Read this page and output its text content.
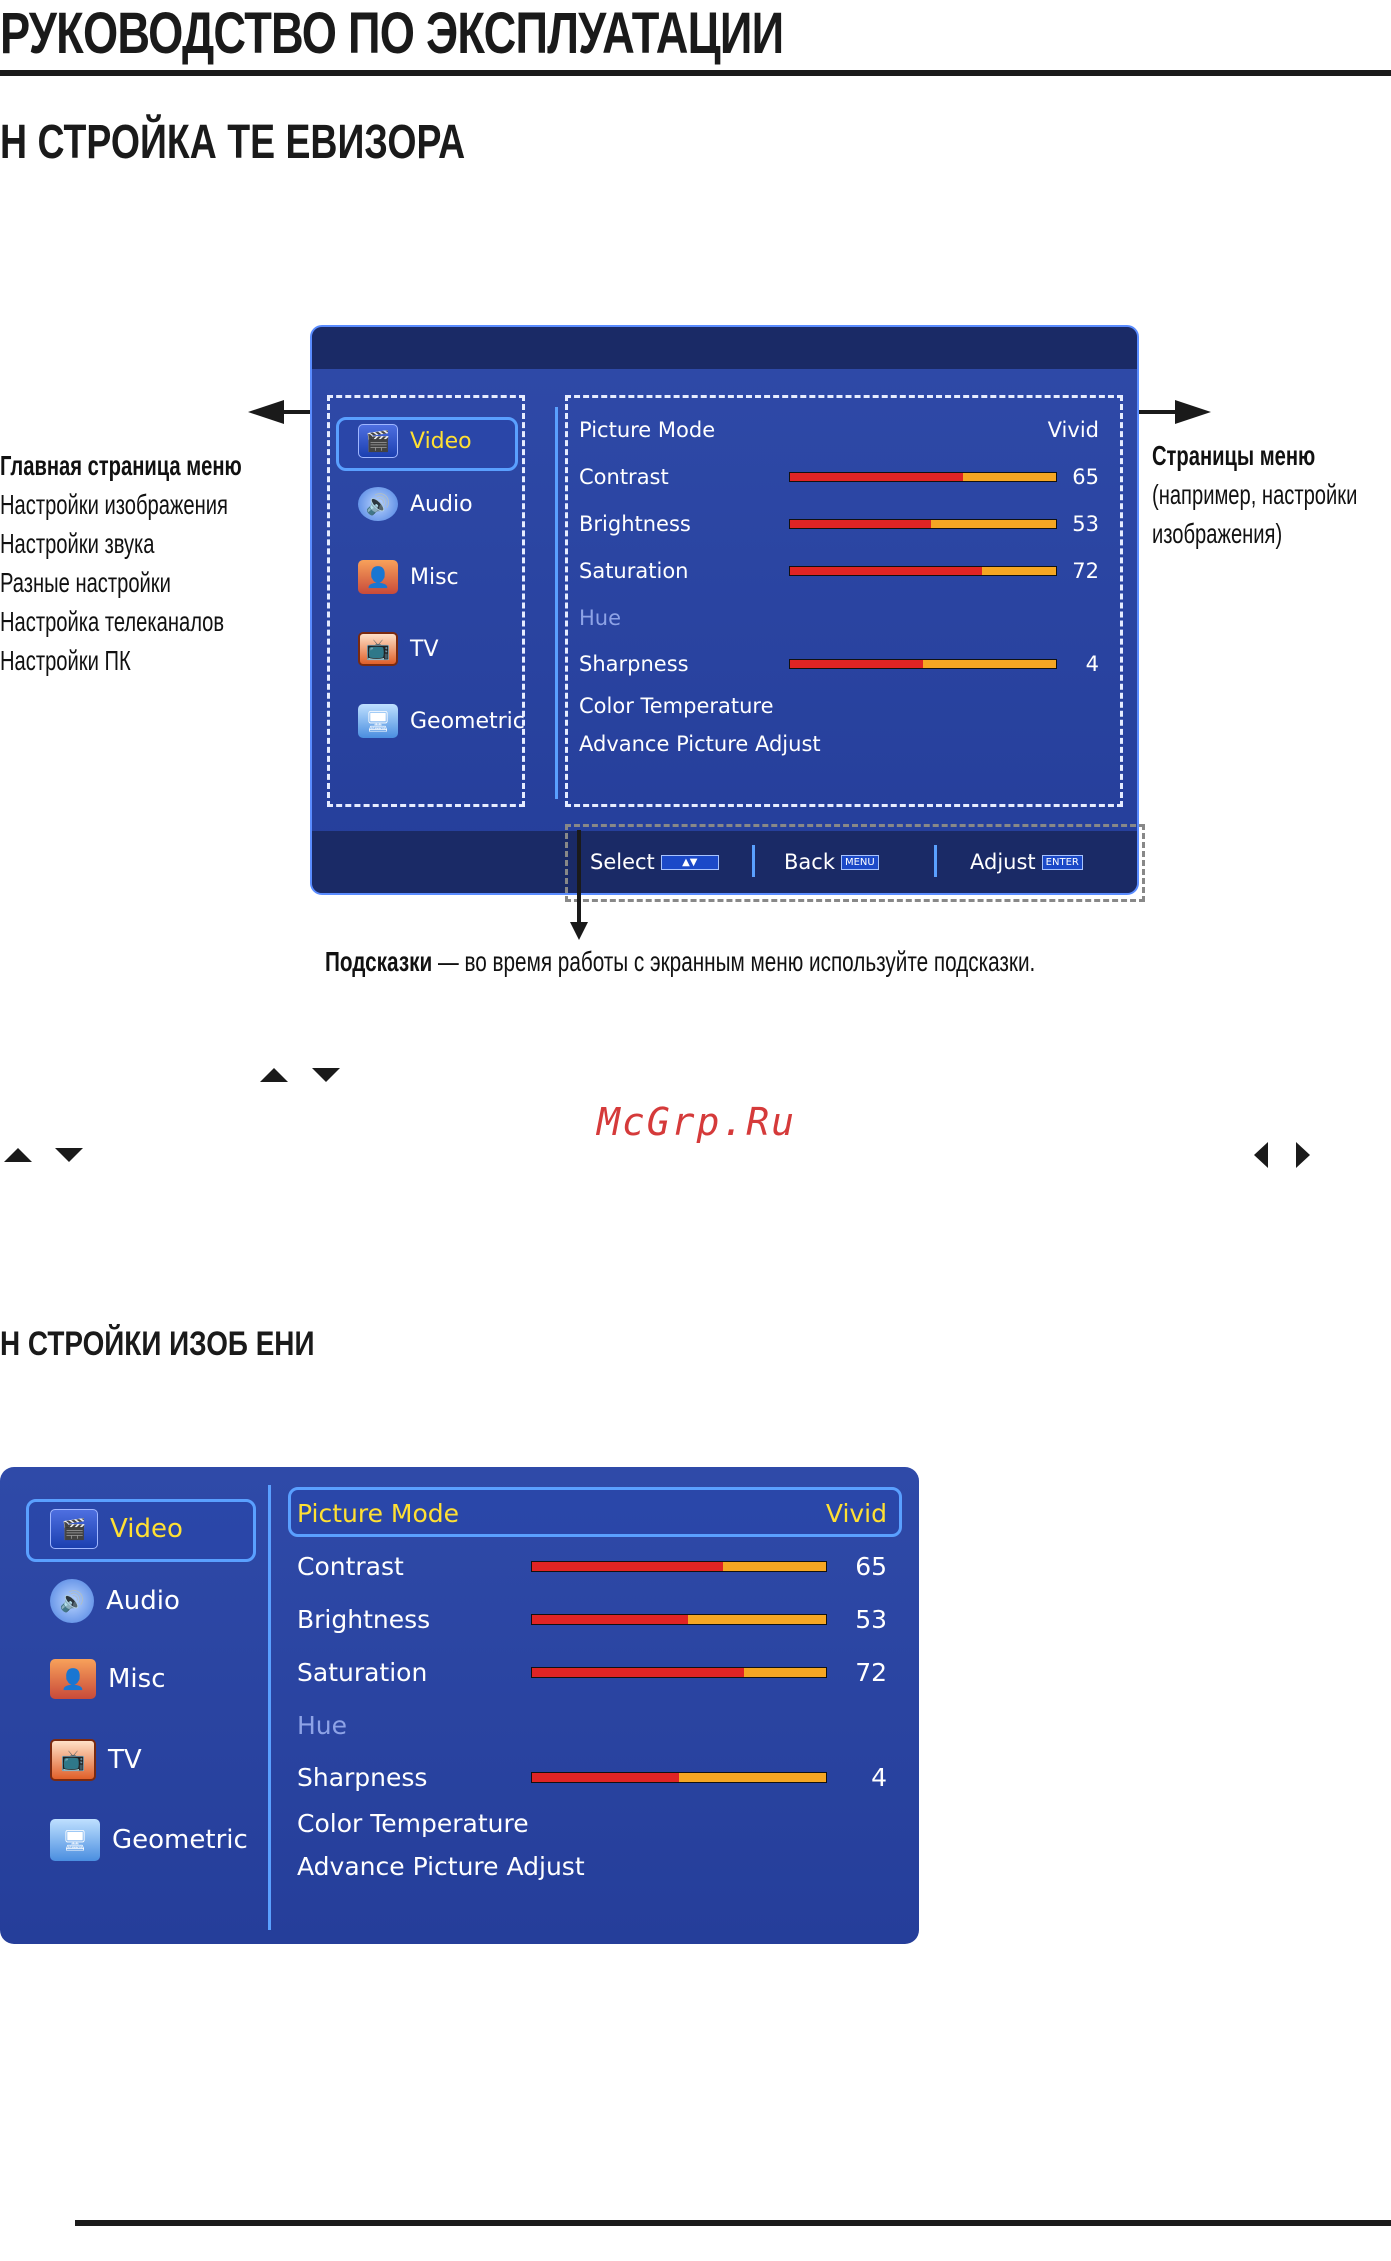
РУКОВОДСТВО ПО ЭКСПЛУАТАЦИИ
Н СТРОЙКА ТЕ ЕВИЗОРА
Главная страница меню
Настройки изображения
Настройки звука
Разные настройки
Настройка телеканалов
Настройки ПК
Страницы меню
(например, настройки
изображения)
🎬 Video
🔊 Audio
👤 Misc
📺 TV
🖥 Geometric
Picture Mode	Vivid
Contrast	65
Brightness	53
Saturation	72
Hue
Sharpness	4
Color Temperature
Advance Picture Adjust
Select	▲▼	Back	MENU	Adjust	ENTER
Подсказки — во время работы с экранным меню используйте подсказки.
McGrp.Ru
Н СТРОЙКИ ИЗОБ ЕНИ
🎬 Video
🔊 Audio
👤 Misc
📺 TV
🖥 Geometric
Picture Mode	Vivid
Contrast	65
Brightness	53
Saturation	72
Hue
Sharpness	4
Color Temperature
Advance Picture Adjust
